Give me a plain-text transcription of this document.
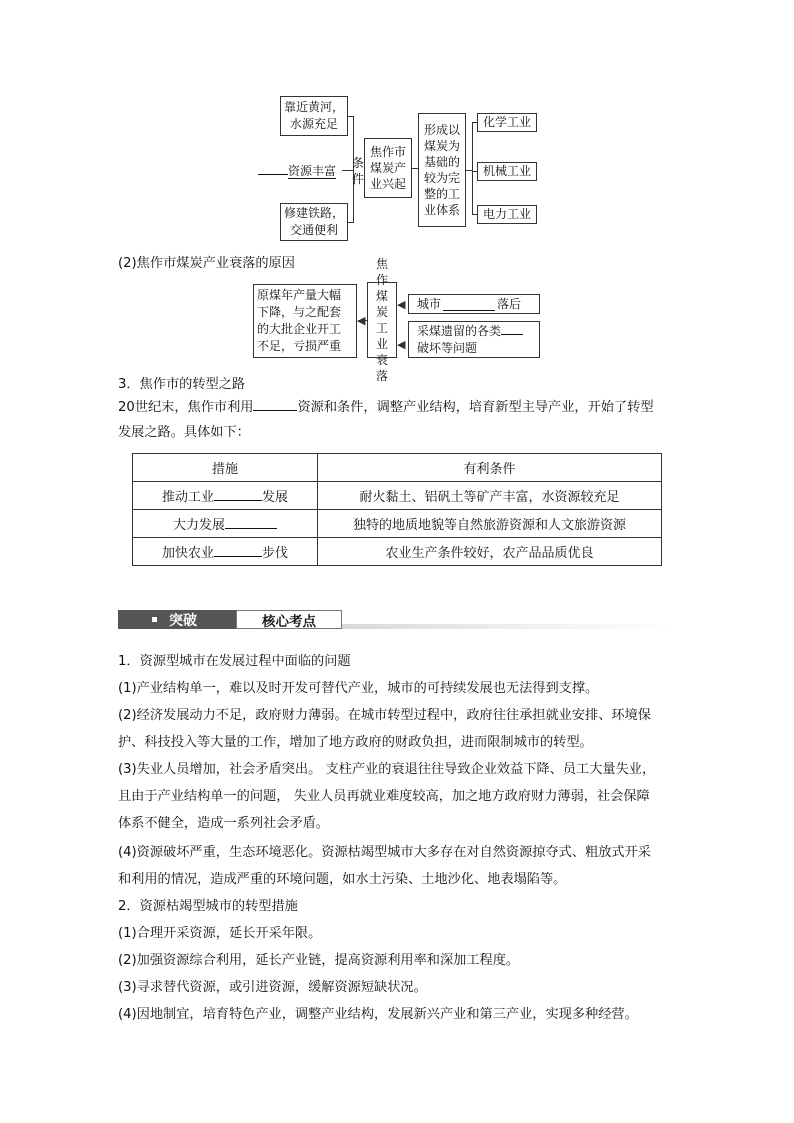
靠近黄河，
水源充足
资源丰富
修建铁路，
交通便利
条
件
焦作市
煤炭产
业兴起
形成以
煤炭为
基础的
较为完
整的工
业体系
化学工业
机械工业
电力工业
(2)焦作市煤炭产业衰落的原因
原煤年产量大幅
下降，与之配套
的大批企业开工
不足，亏损严重
焦作
煤炭
工业
衰落
◀
◀
城市	落后
采煤遗留的各类
破坏等问题
3．焦作市的转型之路
20世纪末，焦作市利用	资源和条件，调整产业结构，培育新型主导产业，开始了转型
发展之路。具体如下：
措施	有利条件
推动工业 发展	耐火黏土、铝矾土等矿产丰富，水资源较充足
大力发展	独特的地质地貌等自然旅游资源和人文旅游资源
加快农业 步伐	农业生产条件较好，农产品品质优良
突破	核心考点
1．资源型城市在发展过程中面临的问题
(1)产业结构单一，难以及时开发可替代产业，城市的可持续发展也无法得到支撑。
(2)经济发展动力不足，政府财力薄弱。在城市转型过程中，政府往往承担就业安排、环境保
护、科技投入等大量的工作，增加了地方政府的财政负担，进而限制城市的转型。
(3)失业人员增加，社会矛盾突出。 支柱产业的衰退往往导致企业效益下降、员工大量失业，
且由于产业结构单一的问题， 失业人员再就业难度较高，加之地方政府财力薄弱，社会保障
体系不健全，造成一系列社会矛盾。
(4)资源破坏严重，生态环境恶化。资源枯竭型城市大多存在对自然资源掠夺式、粗放式开采
和利用的情况，造成严重的环境问题，如水土污染、土地沙化、地表塌陷等。
2．资源枯竭型城市的转型措施
(1)合理开采资源，延长开采年限。
(2)加强资源综合利用，延长产业链，提高资源利用率和深加工程度。
(3)寻求替代资源，或引进资源，缓解资源短缺状况。
(4)因地制宜，培育特色产业，调整产业结构，发展新兴产业和第三产业，实现多种经营。
